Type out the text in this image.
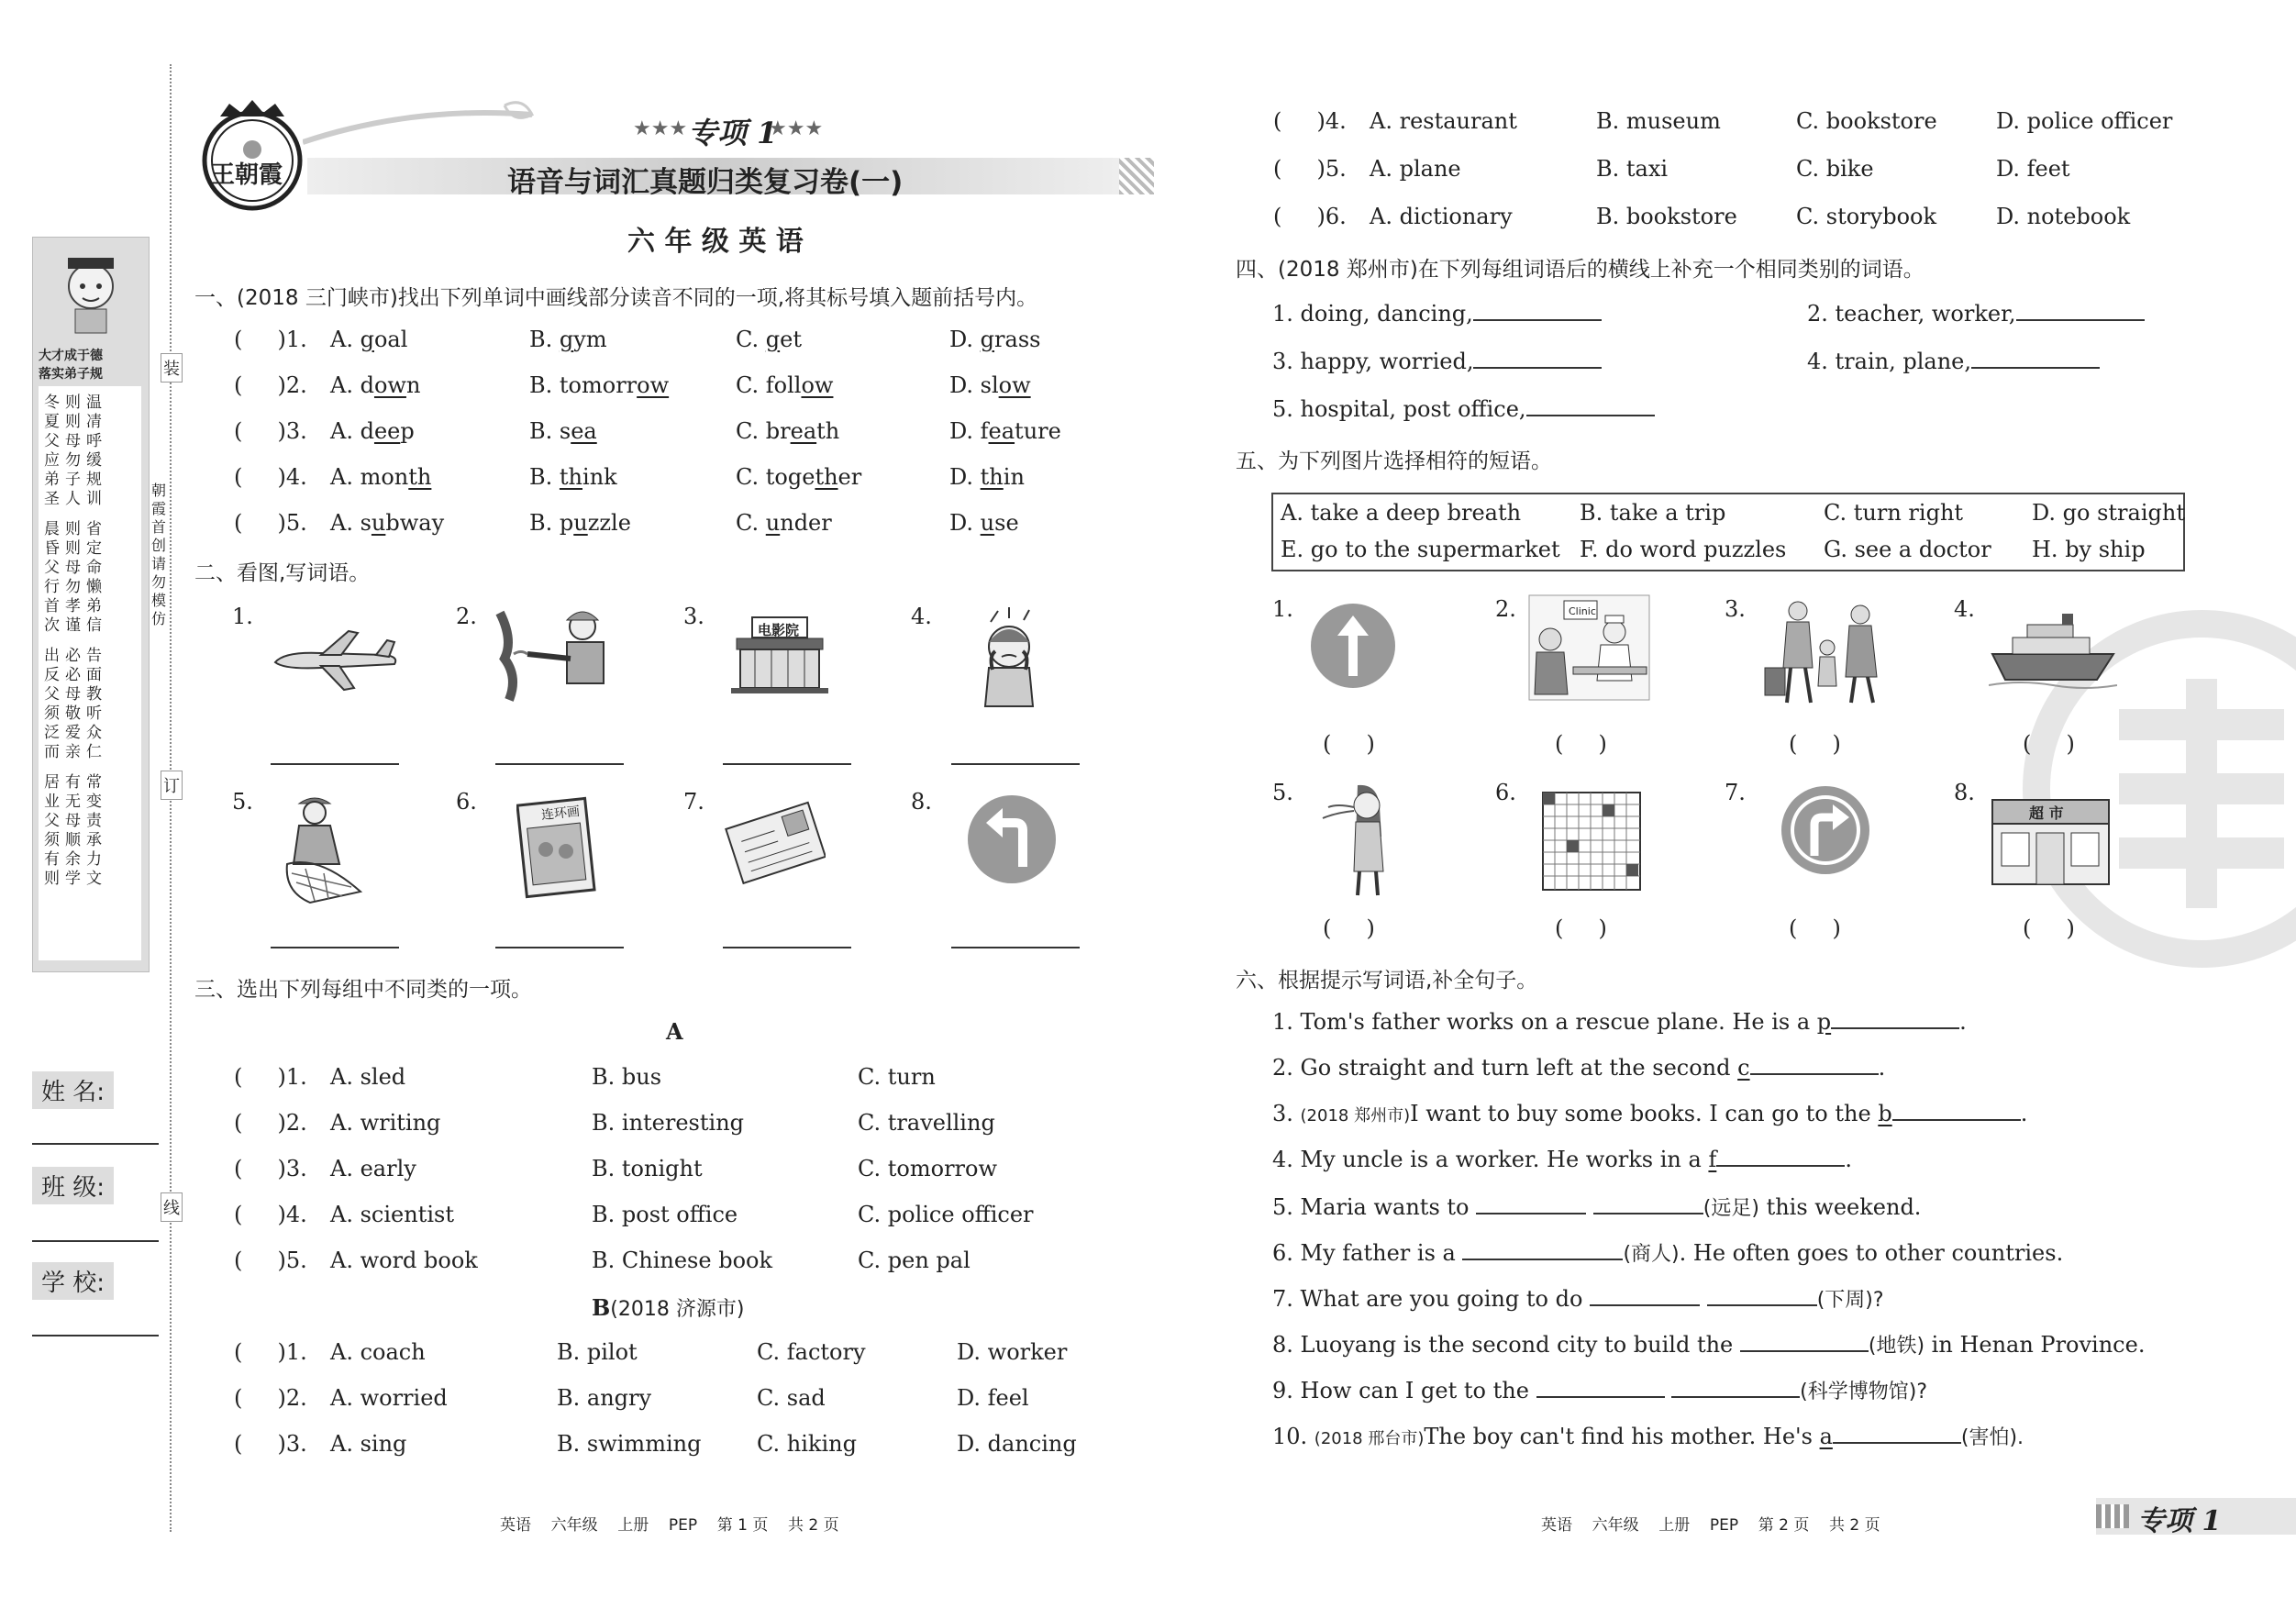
大才成于德
落实弟子规
冬则温 夏则凊
父母呼 应勿缓
弟子规 圣人训
晨则省 昏则定
父母命 行勿懒
首孝弟 次谨信
出必告 反必面
父母教 须敬听
泛爱众 而亲仁
居有常 业无变
父母责 须顺承
有余力 则学文
装
朝霞首创 请勿模仿
订
线
姓 名:
班 级:
学 校:
王朝霞
★★★ 专项 1
★★★
语音与词汇真题归类复习卷(一)
六 年 级 英 语
一、(2018 三门峡市)找出下列单词中画线部分读音不同的一项,将其标号填入题前括号内。
(     )1. A. goal	B. gym	C. get	D. grass
(     )2. A. down	B. tomorrow	C. follow	D. slow
(     )3. A. deep	B. sea	C. breath	D. feature
(     )4. A. month	B. think	C. together	D. thin
(     )5. A. subway	B. puzzle	C. under	D. use
二、看图,写词语。
1.	2.	3.
电影院
4.
5.	6.	连环画	7.	8.
三、选出下列每组中不同类的一项。
A
(     )1. A. sled	B. bus	C. turn
(     )2. A. writing	B. interesting	C. travelling
(     )3. A. early	B. tonight	C. tomorrow
(     )4. A. scientist	B. post office	C. police officer
(     )5. A. word book	B. Chinese book	C. pen pal
B(2018 济源市)
(     )1. A. coach	B. pilot	C. factory	D. worker
(     )2. A. worried	B. angry	C. sad	D. feel
(     )3. A. sing	B. swimming	C. hiking	D. dancing
英语    六年级    上册    PEP    第 1 页    共 2 页
(     )4. A. restaurant	B. museum	C. bookstore	D. police officer
(     )5. A. plane	B. taxi	C. bike	D. feet
(     )6. A. dictionary	B. bookstore	C. storybook	D. notebook
四、(2018 郑州市)在下列每组词语后的横线上补充一个相同类别的词语。
1. doing, dancing,	2. teacher, worker,
3. happy, worried,	4. train, plane,
5. hospital, post office,
五、为下列图片选择相符的短语。
A. take a deep breath	B. take a trip	C. turn right	D. go straight
E. go to the supermarket F. do word puzzles G. see a doctor H. by ship
1.
(     )
2.	Clinic
(     )
3.
(     )
4.
(     )
5.
(     )
6.
(     )
7.
(     )
8.
超 市
(     )
六、根据提示写词语,补全句子。
1. Tom's father works on a rescue plane. He is a p	.
2. Go straight and turn left at the second c	.
3. (2018 郑州市)I want to buy some books. I can go to the b	.
4. My uncle is a worker. He works in a f	.
5. Maria wants to	(远足) this weekend.
6. My father is a	(商人). He often goes to other countries.
7. What are you going to do	(下周)?
8. Luoyang is the second city to build the	(地铁) in Henan Province.
9. How can I get to the	(科学博物馆)?
10. (2018 邢台市)The boy can't find his mother. He's a	(害怕).
英语    六年级    上册    PEP    第 2 页    共 2 页	专项 1
